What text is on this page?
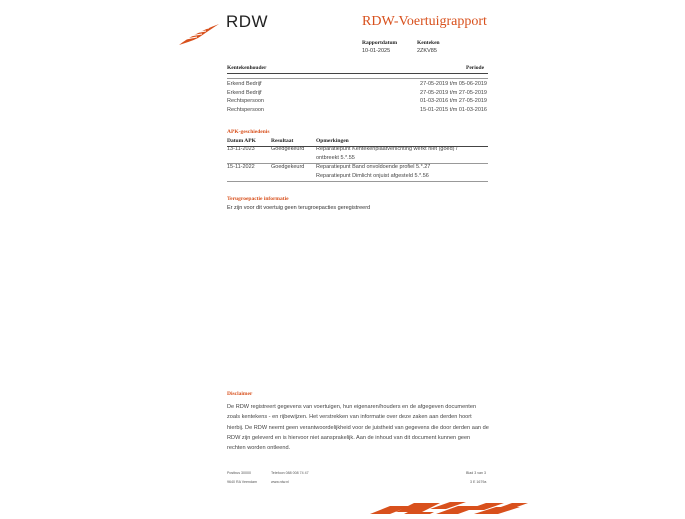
RDW	RDW-Voertuigrapport
Rapportdatum
10-01-2025
Kenteken
2ZKV85
Kentekenhouder	Periode
Erkend Bedrijf	27-05-2019 t/m 05-06-2019
Erkend Bedrijf	27-05-2019 t/m 27-05-2019
Rechtspersoon	01-03-2016 t/m 27-05-2019
Rechtspersoon	15-01-2015 t/m 01-03-2016
APK-geschiedenis
Datum APK	Resultaat	Opmerkingen
13-11-2023	Goedgekeurd Reparatiepunt Kentekenplaatverlichting werkt niet (goed) /
ontbreekt 5.*.55
15-11-2022	Goedgekeurd Reparatiepunt Band onvoldoende profiel 5.*.27
Reparatiepunt Dimlicht onjuist afgesteld 5.*.56
Terugroepactie informatie
Er zijn voor dit voertuig geen terugroepacties geregistreerd
Disclaimer
De RDW registreert gegevens van voertuigen, hun eigenaren/houders en de afgegeven documenten zoals kentekens - en rijbewijzen. Het verstrekken van informatie over deze zaken aan derden hoort hierbij. De RDW neemt geen verantwoordelijkheid voor de juistheid van gegevens die door derden aan de RDW zijn geleverd en is hiervoor niet aansprakelijk. Aan de inhoud van dit document kunnen geen rechten worden ontleend.
Postbus 30000
9640 RA Veendam
Telefoon 088 008 74 47
www.rdw.nl
Blad 3 van 3
3 E 1679a
